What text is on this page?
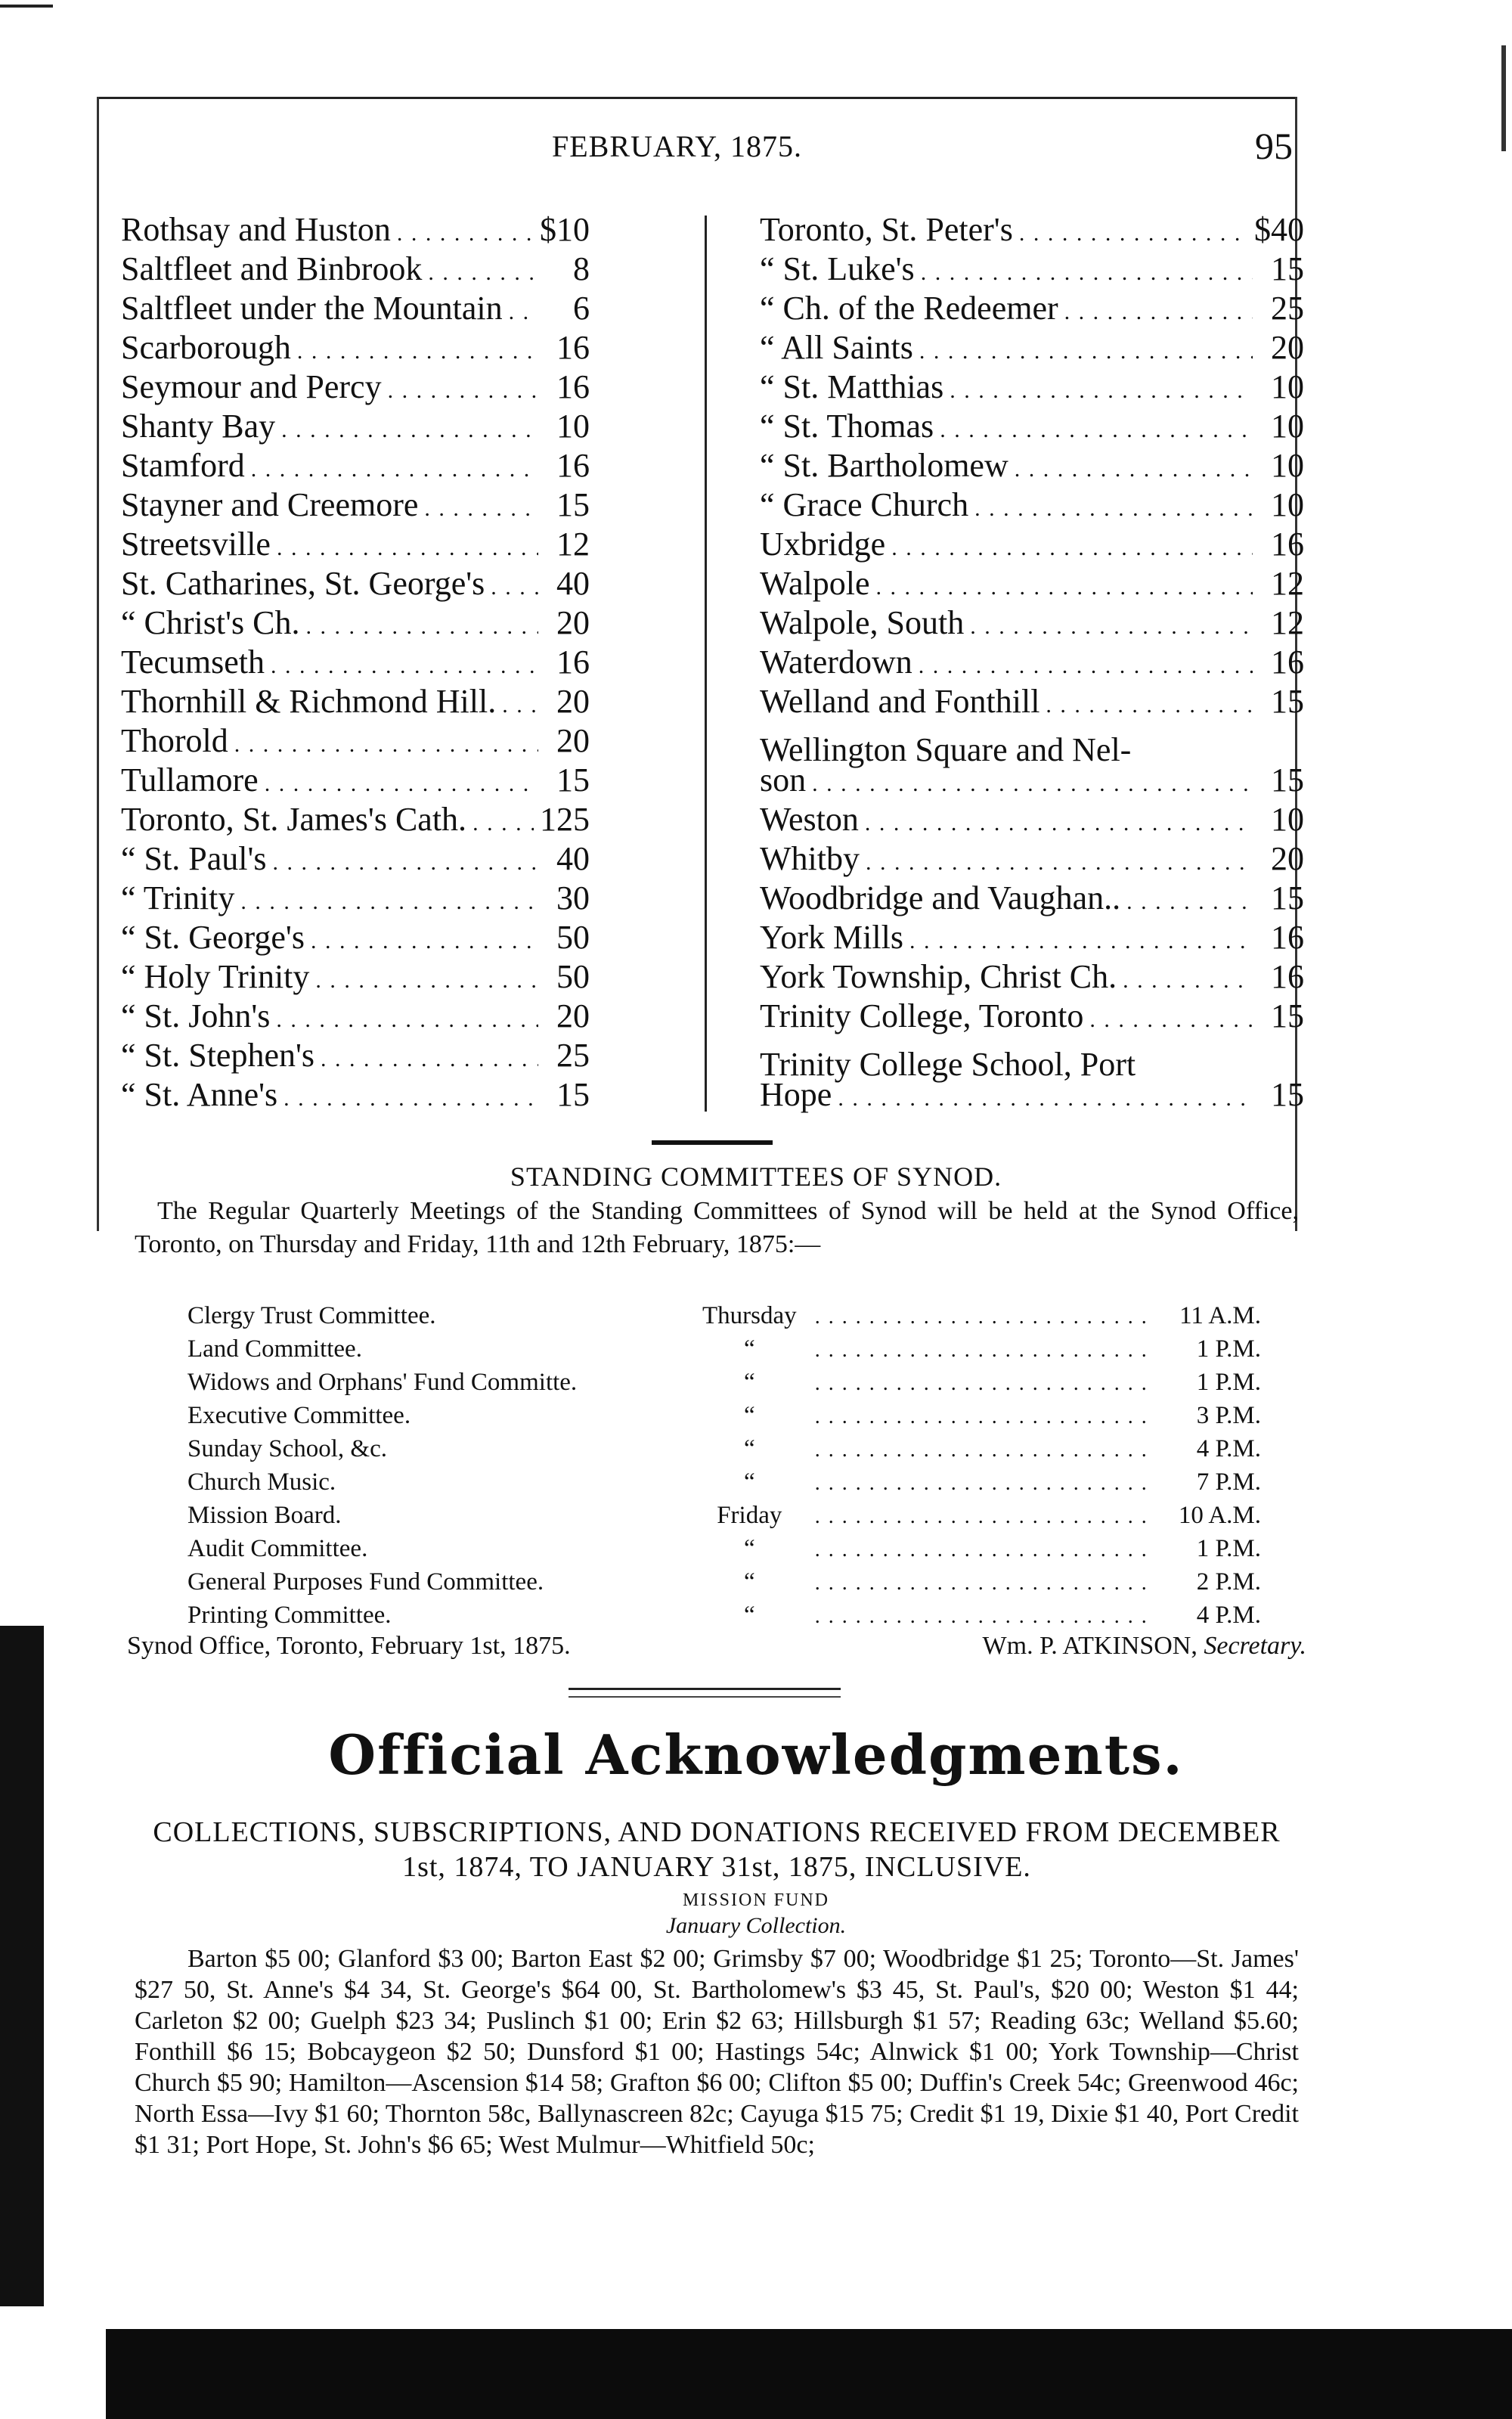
FEBRUARY, 1875.	95
Rothsay and Huston . . .	$10
Saltfleet and Binbrook . . .	8
Saltfleet under the Mountain . . .	6
Scarborough . . .	16
Seymour and Percy . . .	16
Shanty Bay . . .	10
Stamford . . .	16
Stayner and Creemore . . .	15
Streetsville . . .	12
St. Catharines, St. George's . . .	40
“ Christ's Ch. . . .	20
Tecumseth . . .	16
Thornhill & Richmond Hill. . . .	20
Thorold . . .	20
Tullamore . . .	15
Toronto, St. James's Cath. . . . 125
“ St. Paul's . . .	40
“ Trinity . . .	30
“ St. George's . . .	50
“ Holy Trinity . . .	50
“ St. John's . . .	20
“ St. Stephen's . . .	25
“ St. Anne's . . .	15
Toronto, St. Peter's . . .	$40
“ St. Luke's . . .	15
“ Ch. of the Redeemer . . .	25
“ All Saints . . .	20
“ St. Matthias . . .	10
“ St. Thomas . . .	10
“ St. Bartholomew . . .	10
“ Grace Church . . .	10
Uxbridge . . .	16
Walpole . . .	12
Walpole, South . . .	12
Waterdown . . .	16
Welland and Fonthill . . .	15
Wellington Square and Nel-
son . . .	15
Weston . . .	10
Whitby . . .	20
Woodbridge and Vaughan.. . . .	15
York Mills . . .	16
York Township, Christ Ch. . . .	16
Trinity College, Toronto . . .	15
Trinity College School, Port
Hope . . .	15
STANDING COMMITTEES OF SYNOD.
The Regular Quarterly Meetings of the Standing Committees of Synod will be held at the Synod Office, Toronto, on Thursday and Friday, 11th and 12th February, 1875:—
Clergy Trust Committee.	Thursday . . .	11 A.M.
Land Committee.	“ . . .	1 P.M.
Widows and Orphans' Fund Committe.	“ . . .	1 P.M.
Executive Committee.	“ . . .	3 P.M.
Sunday School, &c.	“ . . .	4 P.M.
Church Music.	“ . . .	7 P.M.
Mission Board.	Friday . . .	10 A.M.
Audit Committee.	“ . . .	1 P.M.
General Purposes Fund Committee.	“ . . .	2 P.M.
Printing Committee.	“ . . .	4 P.M.
Synod Office, Toronto, February 1st, 1875.	Wm. P. ATKINSON, Secretary.
Official Acknowledgments.
COLLECTIONS, SUBSCRIPTIONS, AND DONATIONS RECEIVED FROM DECEMBER 1st, 1874, TO JANUARY 31st, 1875, INCLUSIVE.
MISSION FUND
January Collection.
Barton $5 00; Glanford $3 00; Barton East $2 00; Grimsby $7 00; Woodbridge $1 25; Toronto—St. James' $27 50, St. Anne's $4 34, St. George's $64 00, St. Bartholomew's $3 45, St. Paul's, $20 00; Weston $1 44; Carleton $2 00; Guelph $23 34; Puslinch $1 00; Erin $2 63; Hillsburgh $1 57; Reading 63c; Welland $5.60; Fonthill $6 15; Bobcaygeon $2 50; Dunsford $1 00; Hastings 54c; Alnwick $1 00; York Township—Christ Church $5 90; Hamilton—Ascension $14 58; Grafton $6 00; Clifton $5 00; Duffin's Creek 54c; Greenwood 46c; North Essa—Ivy $1 60; Thornton 58c, Ballynascreen 82c; Cayuga $15 75; Credit $1 19, Dixie $1 40, Port Credit $1 31; Port Hope, St. John's $6 65; West Mulmur—Whitfield 50c;
